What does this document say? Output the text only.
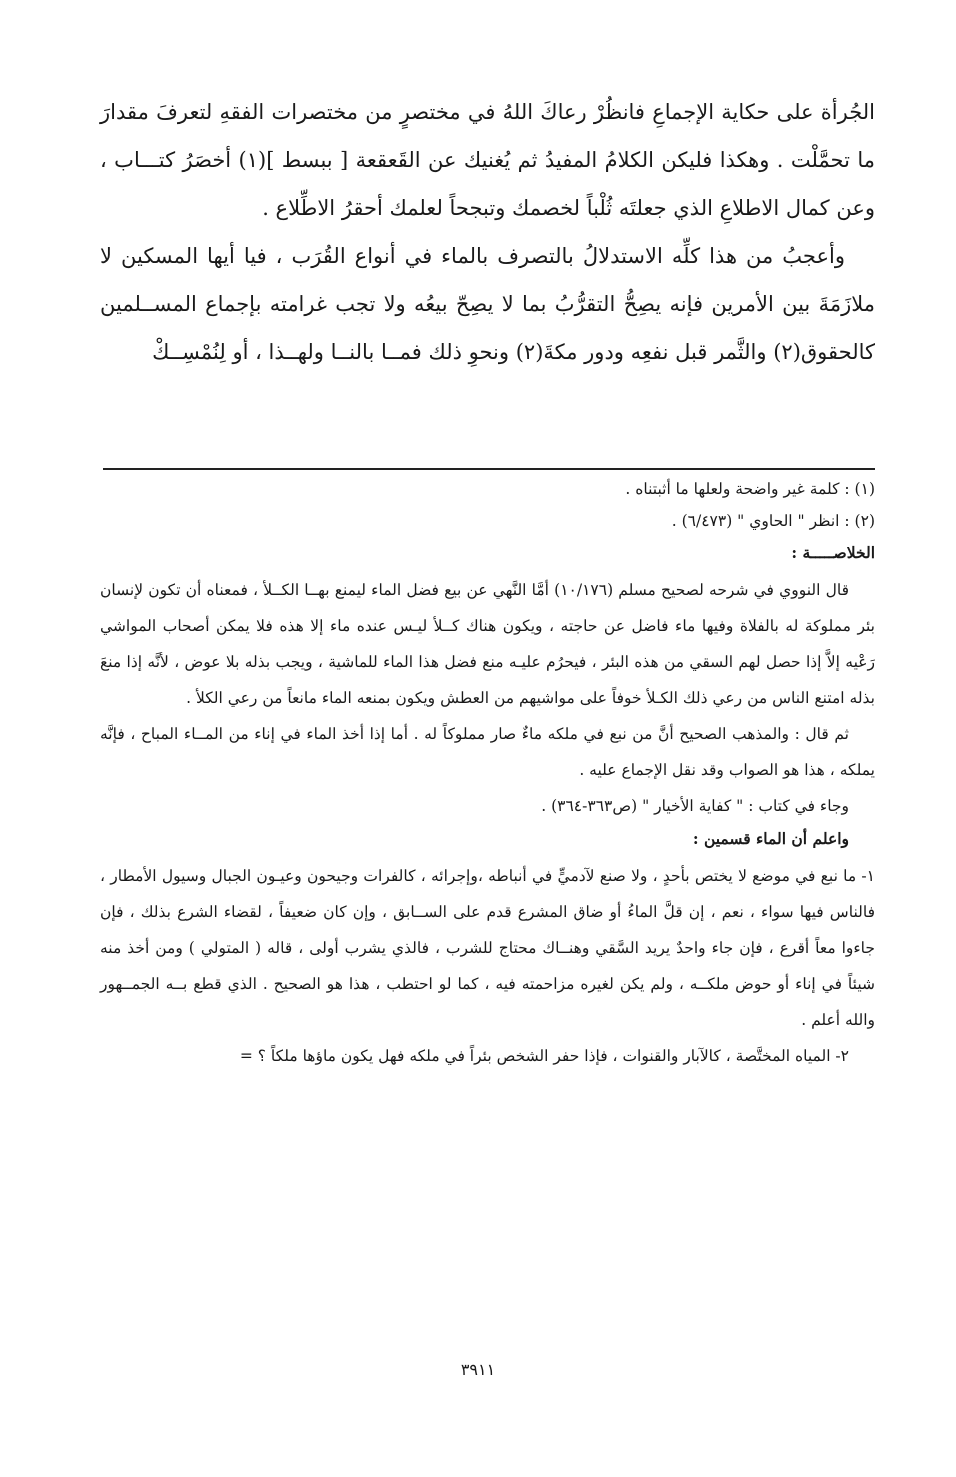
الجُرأة على حكاية الإجماعِ فانظُرْ رعاكَ اللهُ في مختصرٍ من مختصرات الفقهِ لتعرفَ مقدارَ ما تحمَّلْت . وهكذا فليكن الكلامُ المفيدُ ثم يُغنيك عن القَعقعة [ ببسط ](١) أخصَرُ كتـــاب ، وعن كمال الاطلاعِ الذي جعلتَه ثُلْباً لخصمك وتبجحاً لعلمك أحقرُ الاطِّلاع .

وأعجبُ من هذا كلِّه الاستدلالُ بالتصرف بالماء في أنواع القُرَب ، فيا أيها المسكين لا ملازَمَةَ بين الأمرين فإنه يصِحُّ التقرُّبُ بما لا يصِحّ بيعُه ولا تجب غرامته بإجماع المســلمين كالحقوق(٢) والثَّمر قبل نفعِه ودور مكةَ(٢) ونحوِ ذلك فمــا بالنــا ولهــذا ، أو لِنُمْسِــكْ

(١) : كلمة غير واضحة ولعلها ما أثبتناه .

(٢) : انظر " الحاوي " (٦/٤٧٣) .

الخلاصـــــة :

قال النووي في شرحه لصحيح مسلم (١٠/١٧٦) أمَّا النَّهي عن بيع فضل الماء ليمنع بهــا الكــلأ ، فمعناه أن تكون لإنسان بئر مملوكة له بالفلاة وفيها ماء فاضل عن حاجته ، ويكون هناك كــلأ ليـس عنده ماء إلا هذه فلا يمكن أصحاب المواشي رَعْيه إلاَّ إذا حصل لهم السقي من هذه البئر ، فيحرُم عليـه منع فضل هذا الماء للماشية ، ويجب بذله بلا عوض ، لأنَّه إذا منعَ بذله امتنع الناس من رعي ذلك الكـلأ خوفاً على مواشيهم من العطش ويكون بمنعه الماء مانعاً من رعي الكلأ .

ثم قال : والمذهب الصحيح أنَّ من نبع في ملكه ماءٌ صار مملوكاً له . أما إذا أخذ الماء في إناء من المــاء المباح ، فإنَّه يملكه ، هذا هو الصواب وقد نقل الإجماع عليه .

وجاء في كتاب : " كفاية الأخيار " (ص٣٦٣-٣٦٤) .

واعلم أن الماء قسمين :

١- ما نبع في موضع لا يختص بأحدٍ ، ولا صنع لآدميٍّ في أنباطه ،وإجرائه ، كالفرات وجيحون وعيـون الجبال وسيول الأمطار ، فالناس فيها سواء ، نعم ، إن قلَّ الماءُ أو ضاق المشرع قدم على الســابق ، وإن كان ضعيفاً ، لقضاء الشرع بذلك ، فإن جاءوا معاً أقرع ، فإن جاء واحدٌ يريد السَّقي وهنــاك محتاج للشرب ، فالذي يشرب أولى ، قاله ( المتولي ) ومن أخذ منه شيئاً في إناء أو حوض ملكــه ، ولم يكن لغيره مزاحمته فيه ، كما لو احتطب ، هذا هو الصحيح . الذي قطع بــه الجمــهور والله أعلم .

٢- المياه المختَّصة ، كالآبار والقنوات ، فإذا حفر الشخص بئراً في ملكه فهل يكون ماؤها ملكاً ؟ =

٣٩١١
